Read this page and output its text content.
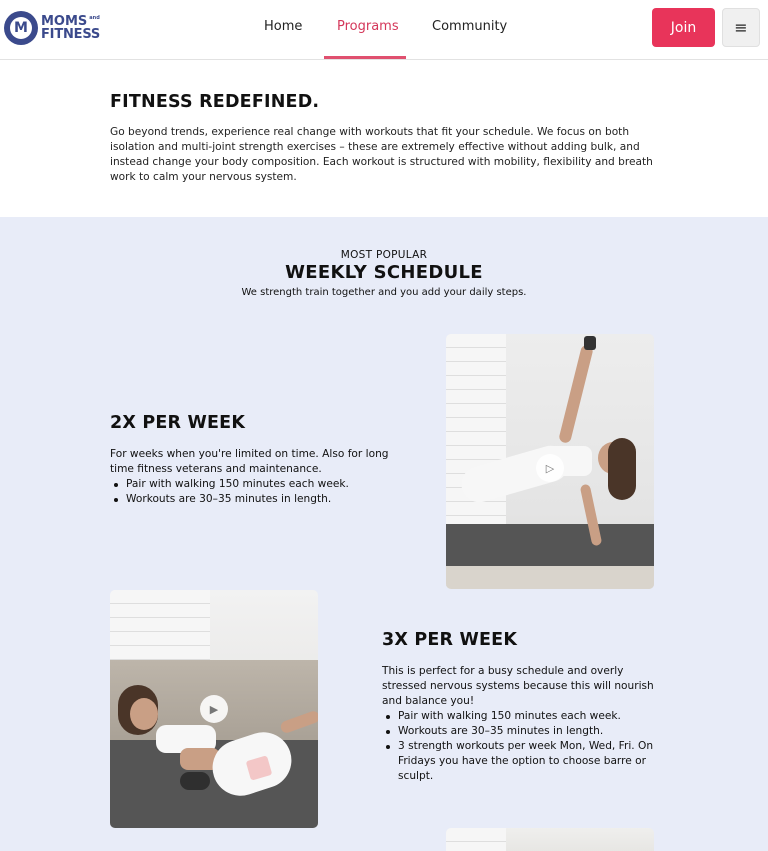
M
MOMS and
FITNESS
Home	Programs	Community	Join	≡
FITNESS REDEFINED.
Go beyond trends, experience real change with workouts that fit your schedule. We focus on both isolation and multi-joint strength exercises – these are extremely effective without adding bulk, and instead change your body composition. Each workout is structured with mobility, flexibility and breath work to calm your nervous system.
MOST POPULAR
WEEKLY SCHEDULE
We strength train together and you add your daily steps.
2X PER WEEK
For weeks when you're limited on time. Also for long time fitness veterans and maintenance.
Pair with walking 150 minutes each week.
Workouts are 30–35 minutes in length.
▷
▶
3X PER WEEK
This is perfect for a busy schedule and overly stressed nervous systems because this will nourish and balance you!
Pair with walking 150 minutes each week.
Workouts are 30–35 minutes in length.
3 strength workouts per week Mon, Wed, Fri. On Fridays you have the option to choose barre or sculpt.
